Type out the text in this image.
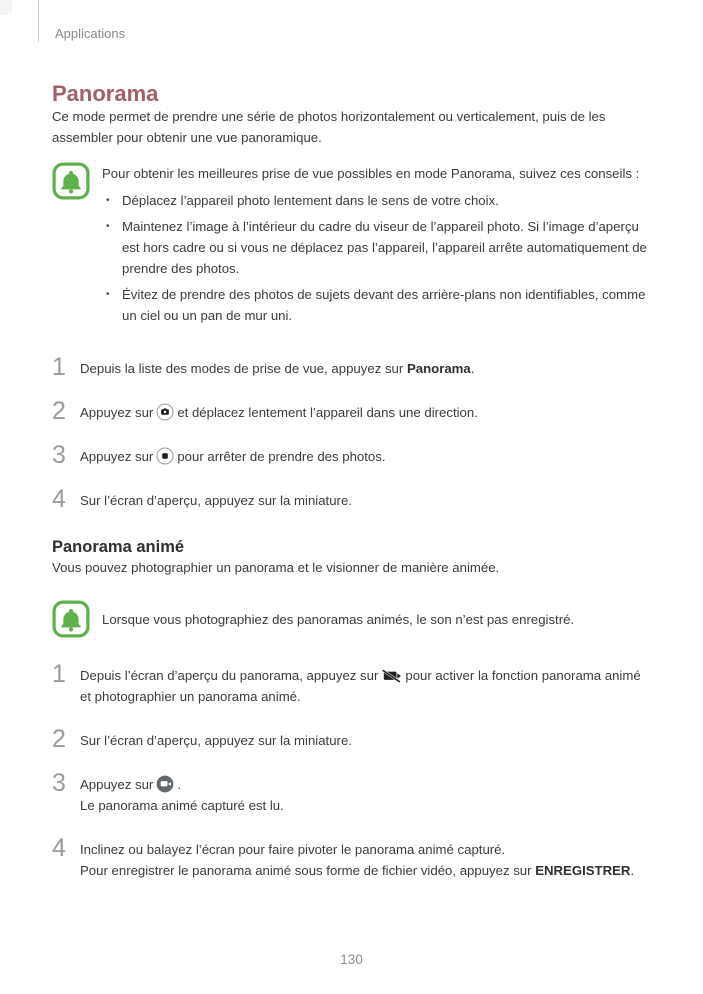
Applications
Panorama

Ce mode permet de prendre une série de photos horizontalement ou verticalement, puis de les assembler pour obtenir une vue panoramique.

Pour obtenir les meilleures prise de vue possibles en mode Panorama, suivez ces conseils :

• Déplacez l’appareil photo lentement dans le sens de votre choix.
• Maintenez l’image à l’intérieur du cadre du viseur de l’appareil photo. Si l’image d’aperçu est hors cadre ou si vous ne déplacez pas l’appareil, l’appareil arrête automatiquement de prendre des photos.
• Évitez de prendre des photos de sujets devant des arrière-plans non identifiables, comme un ciel ou un pan de mur uni.
1	Depuis la liste des modes de prise de vue, appuyez sur Panorama.

2	Appuyez sur et déplacez lentement l’appareil dans une direction.

3	Appuyez sur pour arrêter de prendre des photos.

4	Sur l’écran d’aperçu, appuyez sur la miniature.

Panorama animé

Vous pouvez photographier un panorama et le visionner de manière animée.

Lorsque vous photographiez des panoramas animés, le son n’est pas enregistré.

1	Depuis l’écran d’aperçu du panorama, appuyez sur pour activer la fonction panorama animé et photographier un panorama animé.

2	Sur l’écran d’aperçu, appuyez sur la miniature.

3	Appuyez sur .

Le panorama animé capturé est lu.

4	Inclinez ou balayez l’écran pour faire pivoter le panorama animé capturé.

Pour enregistrer le panorama animé sous forme de fichier vidéo, appuyez sur ENREGISTRER.

130
